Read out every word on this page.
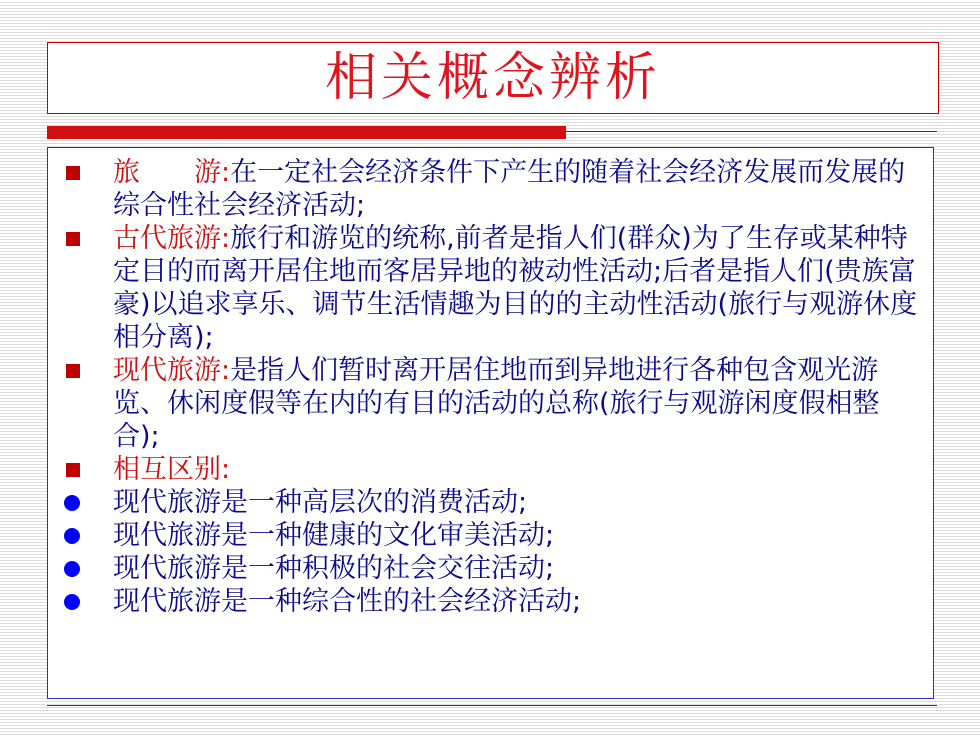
相关概念辨析
旅　　游:在一定社会经济条件下产生的随着社会经济发展而发展的综合性社会经济活动;
古代旅游:旅行和游览的统称,前者是指人们(群众)为了生存或某种特定目的而离开居住地而客居异地的被动性活动;后者是指人们(贵族富豪)以追求享乐、调节生活情趣为目的的主动性活动(旅行与观游休度相分离);
现代旅游:是指人们暂时离开居住地而到异地进行各种包含观光游览、休闲度假等在内的有目的活动的总称(旅行与观游闲度假相整合);
相互区别:
现代旅游是一种高层次的消费活动;
现代旅游是一种健康的文化审美活动;
现代旅游是一种积极的社会交往活动;
现代旅游是一种综合性的社会经济活动;
